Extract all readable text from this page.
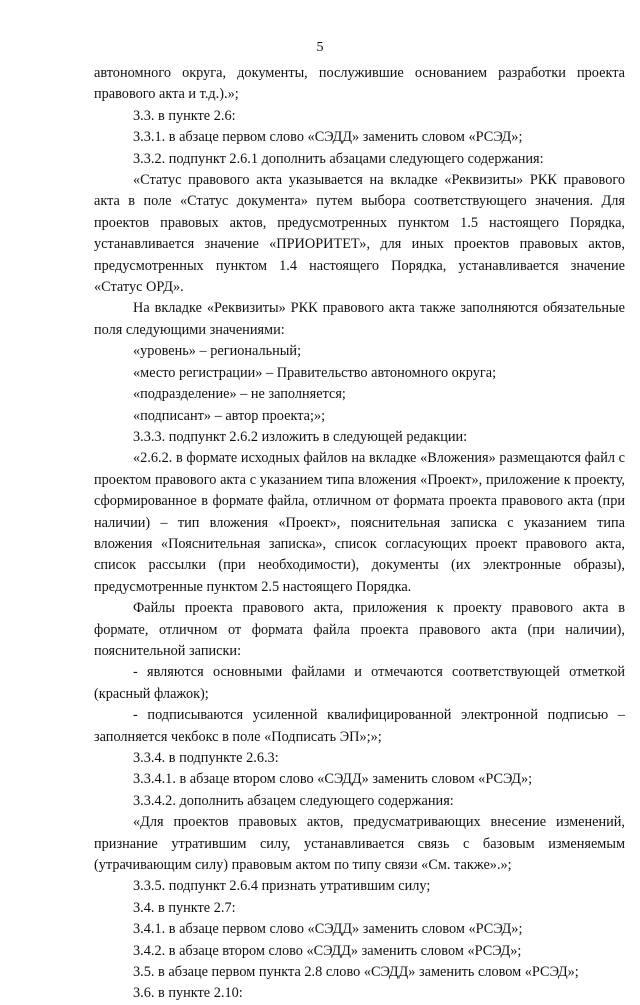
5

автономного округа, документы, послужившие основанием разработки проекта правового акта и т.д.).»;

3.3. в пункте 2.6:

3.3.1. в абзаце первом слово «СЭДД» заменить словом «РСЭД»;

3.3.2. подпункт 2.6.1 дополнить абзацами следующего содержания:

«Статус правового акта указывается на вкладке «Реквизиты» РКК правового акта в поле «Статус документа» путем выбора соответствующего значения. Для проектов правовых актов, предусмотренных пунктом 1.5 настоящего Порядка, устанавливается значение «ПРИОРИТЕТ», для иных проектов правовых актов, предусмотренных пунктом 1.4 настоящего Порядка, устанавливается значение «Статус ОРД».

На вкладке «Реквизиты» РКК правового акта также заполняются обязательные поля следующими значениями:

«уровень» – региональный;

«место регистрации» – Правительство автономного округа;

«подразделение» – не заполняется;

«подписант» – автор проекта;»;

3.3.3. подпункт 2.6.2 изложить в следующей редакции:

«2.6.2. в формате исходных файлов на вкладке «Вложения» размещаются файл с проектом правового акта с указанием типа вложения «Проект», приложение к проекту, сформированное в формате файла, отличном от формата проекта правового акта (при наличии) – тип вложения «Проект», пояснительная записка с указанием типа вложения «Пояснительная записка», список согласующих проект правового акта, список рассылки (при необходимости), документы (их электронные образы), предусмотренные пунктом 2.5 настоящего Порядка.

Файлы проекта правового акта, приложения к проекту правового акта в формате, отличном от формата файла проекта правового акта (при наличии), пояснительной записки:

- являются основными файлами и отмечаются соответствующей отметкой (красный флажок);

- подписываются усиленной квалифицированной электронной подписью – заполняется чекбокс в поле «Подписать ЭП»;»;

3.3.4. в подпункте 2.6.3:

3.3.4.1. в абзаце втором слово «СЭДД» заменить словом «РСЭД»;

3.3.4.2. дополнить абзацем следующего содержания:

«Для проектов правовых актов, предусматривающих внесение изменений, признание утратившим силу, устанавливается связь с базовым изменяемым (утрачивающим силу) правовым актом по типу связи «См. также».»;

3.3.5. подпункт 2.6.4 признать утратившим силу;

3.4. в пункте 2.7:

3.4.1. в абзаце первом слово «СЭДД» заменить словом «РСЭД»;

3.4.2. в абзаце втором слово «СЭДД» заменить словом «РСЭД»;

3.5. в абзаце первом пункта 2.8 слово «СЭДД» заменить словом «РСЭД»;

3.6. в пункте 2.10:
